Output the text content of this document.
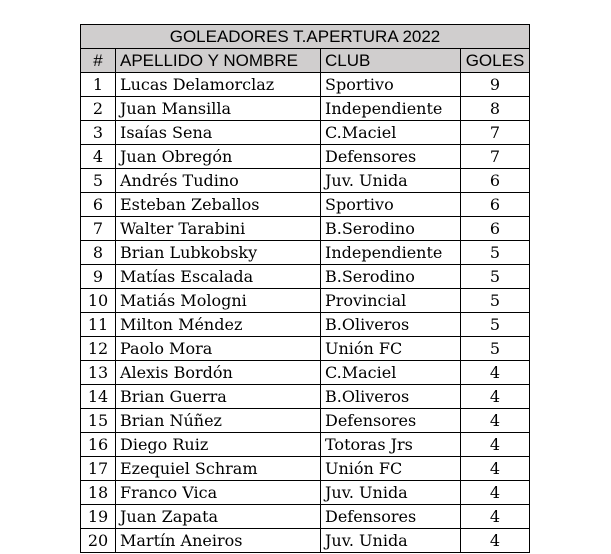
GOLEADORES T.APERTURA 2022			
#	APELLIDO Y NOMBRE	CLUB	GOLES
1	Lucas Delamorclaz	Sportivo	9
2	Juan Mansilla	Independiente	8
3	Isaías Sena	C.Maciel	7
4	Juan Obregón	Defensores	7
5	Andrés Tudino	Juv. Unida	6
6	Esteban Zeballos	Sportivo	6
7	Walter Tarabini	B.Serodino	6
8	Brian Lubkobsky	Independiente	5
9	Matías Escalada	B.Serodino	5
10	Matiás Mologni	Provincial	5
11	Milton Méndez	B.Oliveros	5
12	Paolo Mora	Unión FC	5
13	Alexis Bordón	C.Maciel	4
14	Brian Guerra	B.Oliveros	4
15	Brian Núñez	Defensores	4
16	Diego Ruiz	Totoras Jrs	4
17	Ezequiel Schram	Unión FC	4
18	Franco Vica	Juv. Unida	4
19	Juan Zapata	Defensores	4
20	Martín Aneiros	Juv. Unida	4
